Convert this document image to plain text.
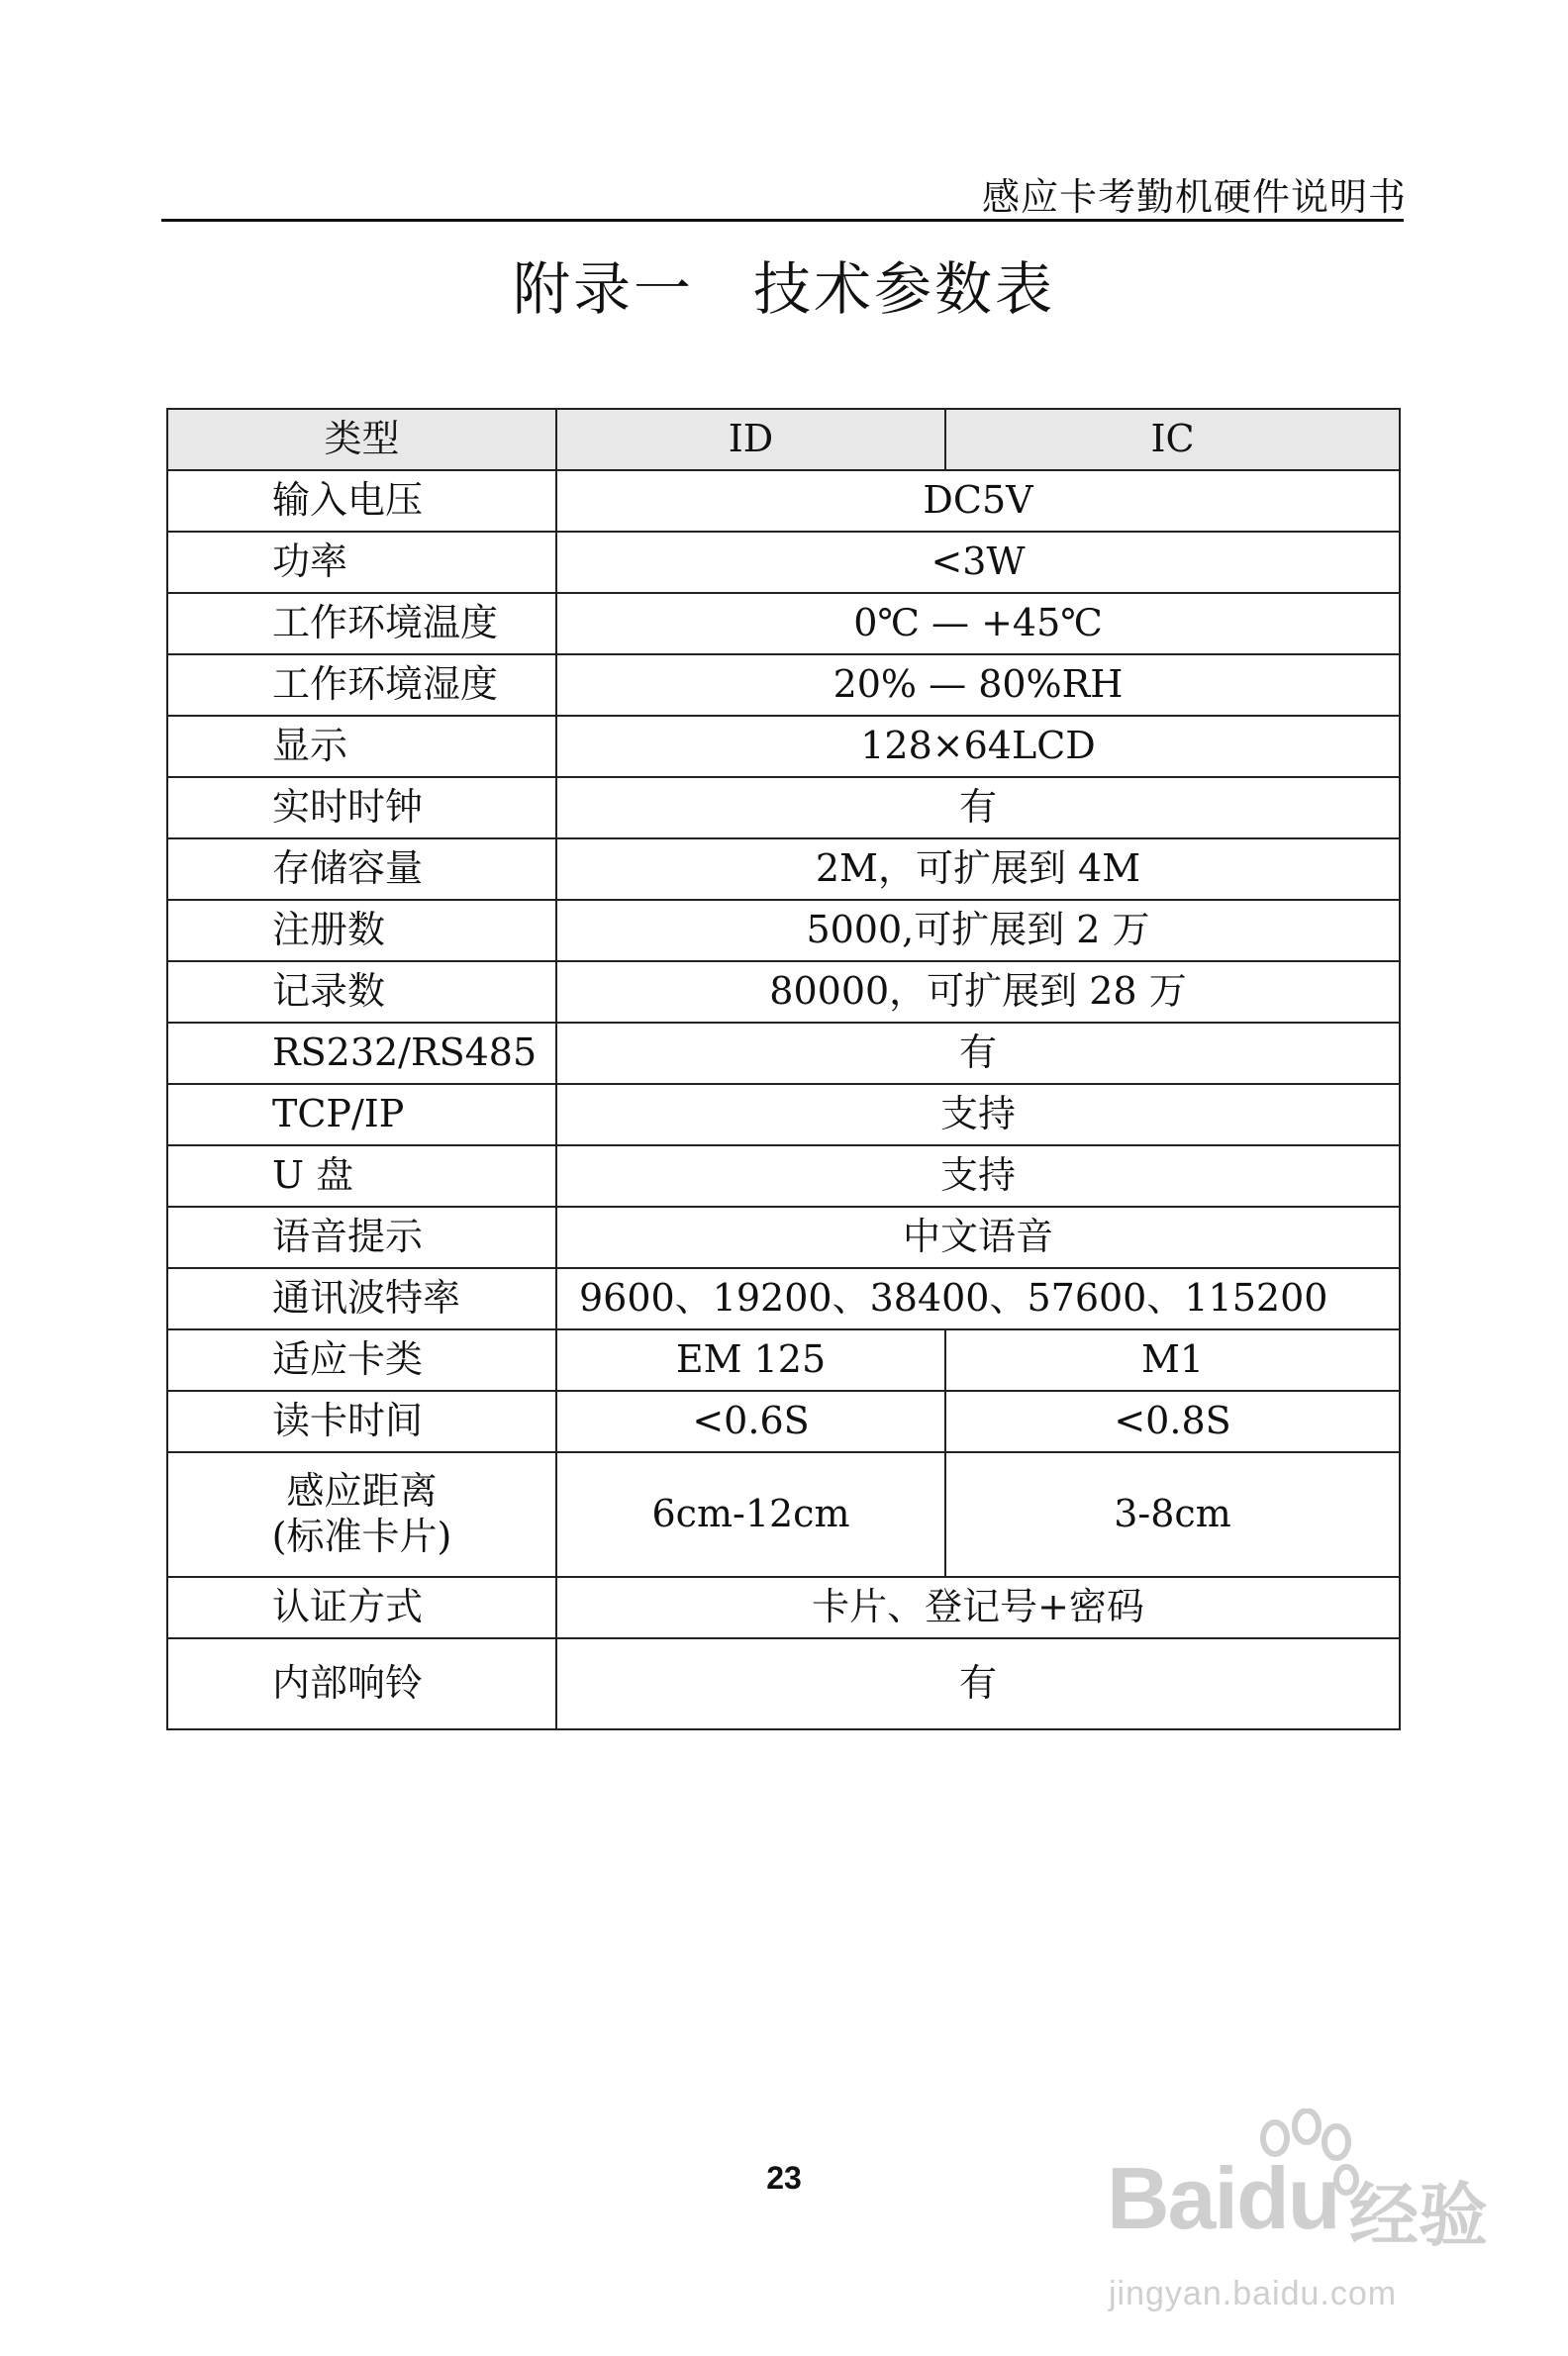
感应卡考勤机硬件说明书
附录一 技术参数表
类型	ID	IC
输入电压	DC5V	
功率	<3W	
工作环境温度	0℃ — +45℃	
工作环境湿度	20% — 80%RH	
显示	128×64LCD	
实时时钟	有	
存储容量	2M，可扩展到 4M	
注册数	5000,可扩展到 2 万	
记录数	80000，可扩展到 28 万	
RS232/RS485	有	
TCP/IP	支持	
U 盘	支持	
语音提示	中文语音	
通讯波特率	9600、19200、38400、57600、115200	
适应卡类	EM 125	M1
读卡时间	<0.6S	<0.8S

感应距离
(标准卡片)	6cm-12cm	3-8cm
认证方式	卡片、登记号+密码	
内部响铃	有	
23	Baidu 经验
jingyan.baidu.com
